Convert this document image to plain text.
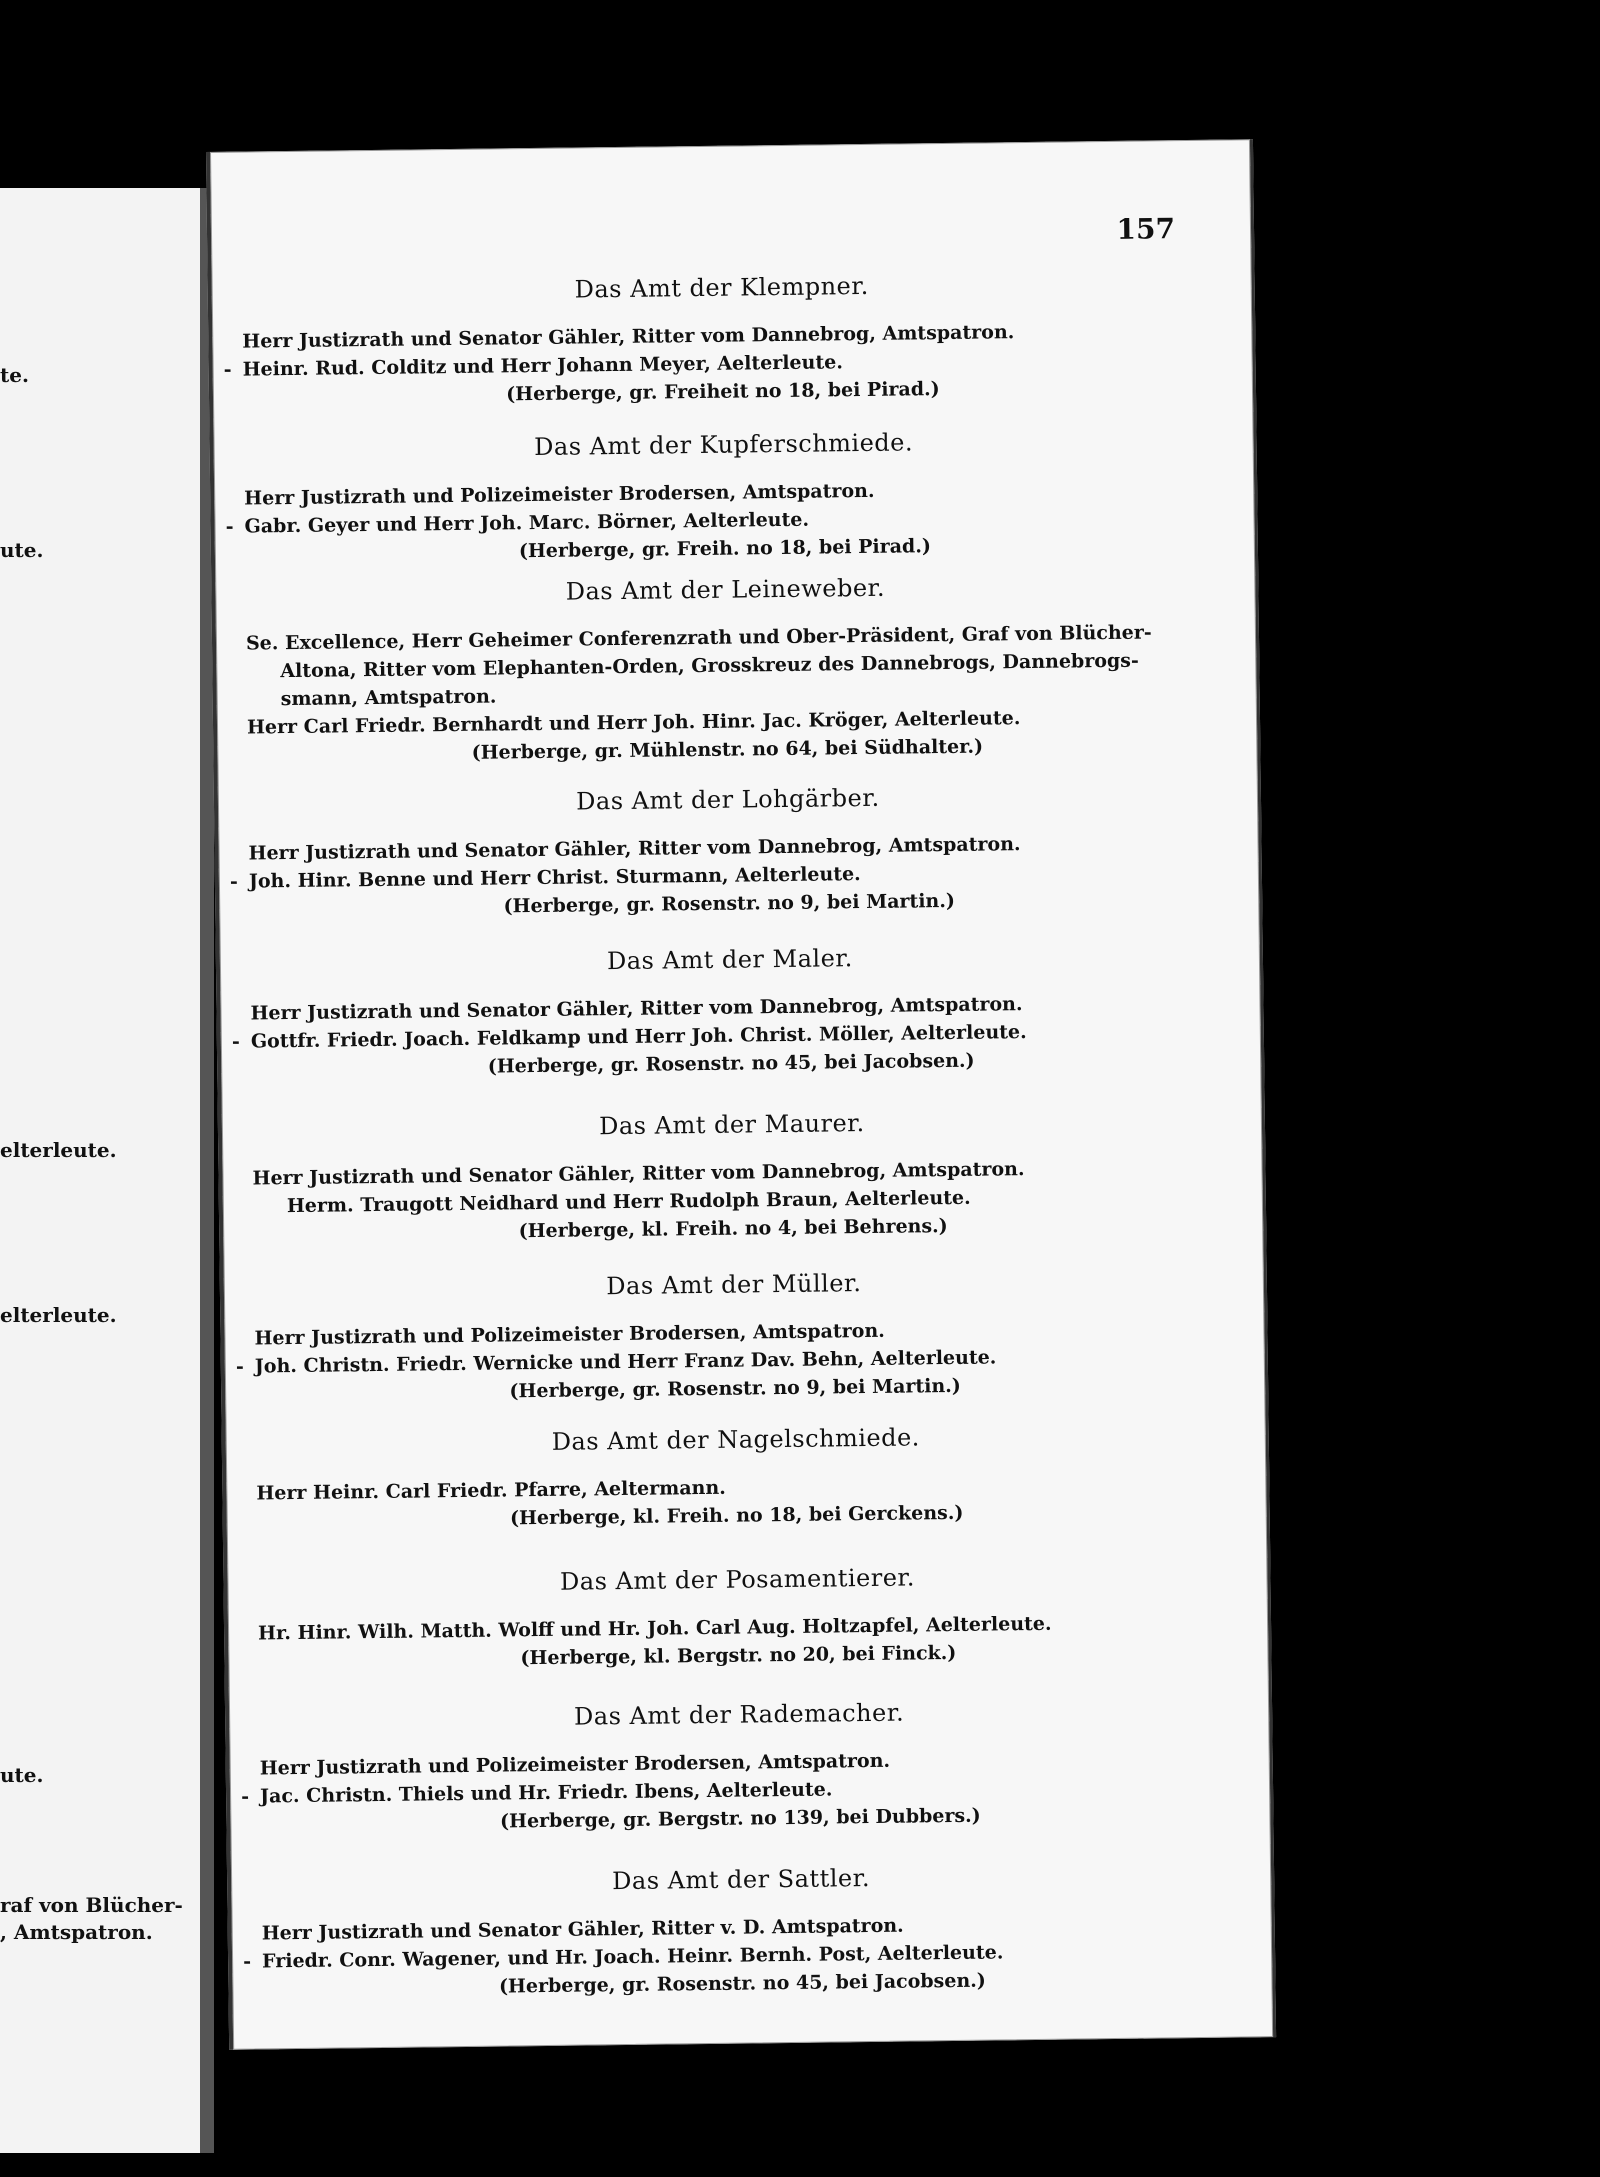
te.
ute.
elterleute.
elterleute.
ute.
raf von Blücher-
, Amtspatron.
157
Das Amt der Klempner.
Herr Justizrath und Senator Gähler, Ritter vom Dannebrog, Amtspatron.
- Heinr. Rud. Colditz und Herr Johann Meyer, Aelterleute.
(Herberge, gr. Freiheit no 18, bei Pirad.)
Das Amt der Kupferschmiede.
Herr Justizrath und Polizeimeister Brodersen, Amtspatron.
- Gabr. Geyer und Herr Joh. Marc. Börner, Aelterleute.
(Herberge, gr. Freih. no 18, bei Pirad.)
Das Amt der Leineweber.
Se. Excellence, Herr Geheimer Conferenzrath und Ober-Präsident, Graf von Blücher-
Altona, Ritter vom Elephanten-Orden, Grosskreuz des Dannebrogs, Dannebrogs-
smann, Amtspatron.
Herr Carl Friedr. Bernhardt und Herr Joh. Hinr. Jac. Kröger, Aelterleute.
(Herberge, gr. Mühlenstr. no 64, bei Südhalter.)
Das Amt der Lohgärber.
Herr Justizrath und Senator Gähler, Ritter vom Dannebrog, Amtspatron.
- Joh. Hinr. Benne und Herr Christ. Sturmann, Aelterleute.
(Herberge, gr. Rosenstr. no 9, bei Martin.)
Das Amt der Maler.
Herr Justizrath und Senator Gähler, Ritter vom Dannebrog, Amtspatron.
- Gottfr. Friedr. Joach. Feldkamp und Herr Joh. Christ. Möller, Aelterleute.
(Herberge, gr. Rosenstr. no 45, bei Jacobsen.)
Das Amt der Maurer.
Herr Justizrath und Senator Gähler, Ritter vom Dannebrog, Amtspatron.
Herm. Traugott Neidhard und Herr Rudolph Braun, Aelterleute.
(Herberge, kl. Freih. no 4, bei Behrens.)
Das Amt der Müller.
Herr Justizrath und Polizeimeister Brodersen, Amtspatron.
- Joh. Christn. Friedr. Wernicke und Herr Franz Dav. Behn, Aelterleute.
(Herberge, gr. Rosenstr. no 9, bei Martin.)
Das Amt der Nagelschmiede.
Herr Heinr. Carl Friedr. Pfarre, Aeltermann.
(Herberge, kl. Freih. no 18, bei Gerckens.)
Das Amt der Posamentierer.
Hr. Hinr. Wilh. Matth. Wolff und Hr. Joh. Carl Aug. Holtzapfel, Aelterleute.
(Herberge, kl. Bergstr. no 20, bei Finck.)
Das Amt der Rademacher.
Herr Justizrath und Polizeimeister Brodersen, Amtspatron.
- Jac. Christn. Thiels und Hr. Friedr. Ibens, Aelterleute.
(Herberge, gr. Bergstr. no 139, bei Dubbers.)
Das Amt der Sattler.
Herr Justizrath und Senator Gähler, Ritter v. D. Amtspatron.
- Friedr. Conr. Wagener, und Hr. Joach. Heinr. Bernh. Post, Aelterleute.
(Herberge, gr. Rosenstr. no 45, bei Jacobsen.)
